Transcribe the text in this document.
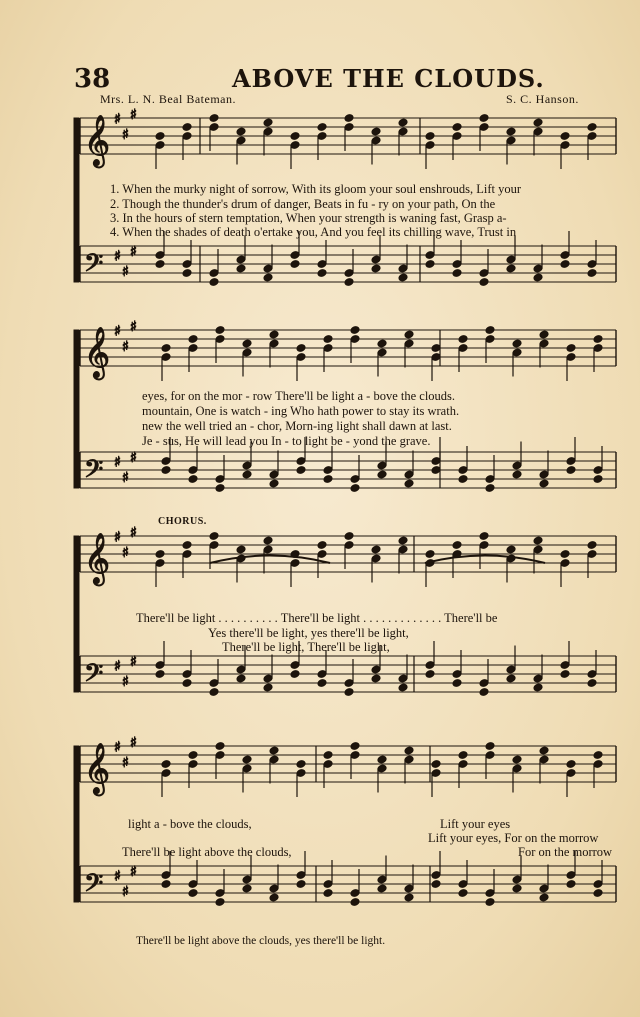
38	ABOVE THE CLOUDS.
Mrs. L. N. Beal Bateman.	S. C. Hanson.
𝄞
𝄢
♯
♯
♯
♯
♯
♯
𝄞
𝄢
♯
♯
♯
♯
♯
♯
𝄞
𝄢
♯
♯
♯
♯
♯
♯
𝄞
𝄢
♯
♯
♯
♯
♯
♯
1. When the murky night of sorrow, With its gloom your soul enshrouds, Lift your
2. Though the thunder's drum of danger, Beats in fu - ry on your path, On the
3. In the hours of stern temptation, When your strength is waning fast, Grasp a-
4. When the shades of death o'ertake you, And you feel its chilling wave, Trust in
eyes, for on the mor - row There'll be light a - bove the clouds.
mountain, One is watch - ing Who hath power to stay its wrath.
new the well tried an - chor, Morn-ing light shall dawn at last.
Je - sus, He will lead you In - to light be - yond the grave.
CHORUS.
There'll be light . . . . . . . . . . There'll be light . . . . . . . . . . . . . There'll be
Yes there'll be light, yes there'll be light,
There'll be light, There'll be light,
light a - bove the clouds,	Lift your eyes
Lift your eyes, For on the morrow
There'll be light above the clouds,	For on the morrow
There'll be light above the clouds, yes there'll be light.
